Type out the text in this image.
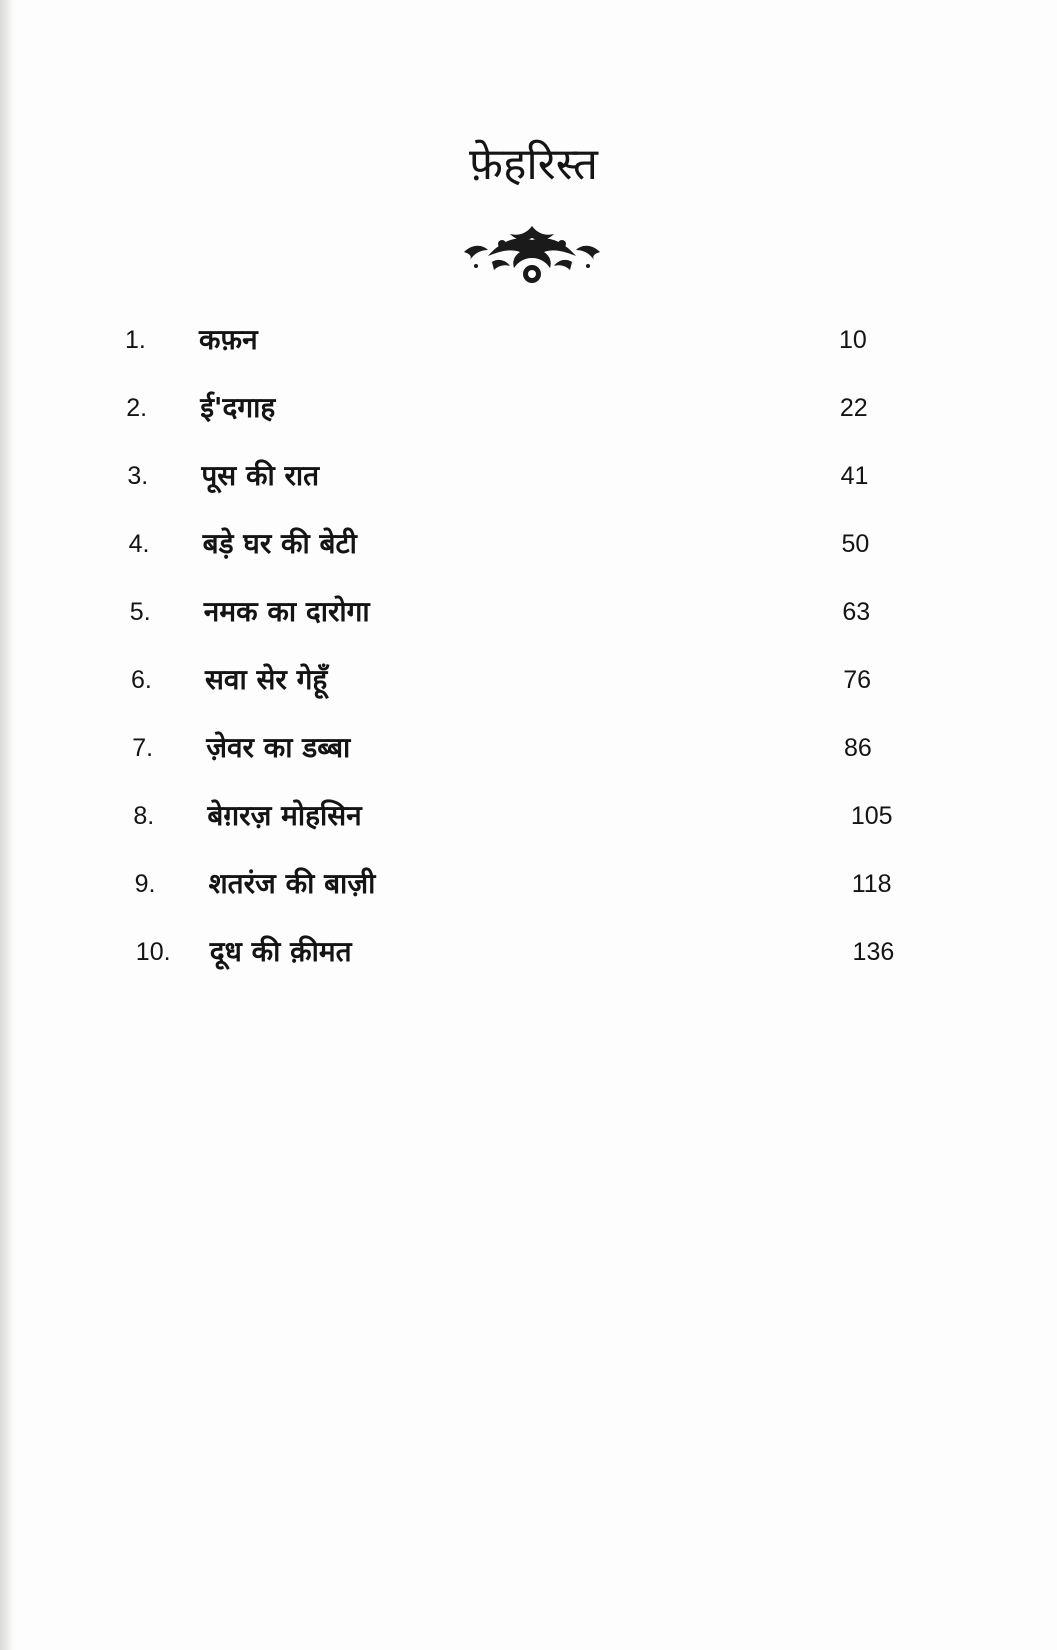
फ़ेहरिस्त
1. कफ़न	10
2. ई'दगाह	22
3. पूस की रात	41
4. बड़े घर की बेटी	50
5. नमक का दारोगा	63
6. सवा सेर गेहूँ	76
7. ज़ेवर का डब्बा	86
8. बेग़रज़ मोहसिन	105
9. शतरंज की बाज़ी	118
10. दूध की क़ीमत	136
